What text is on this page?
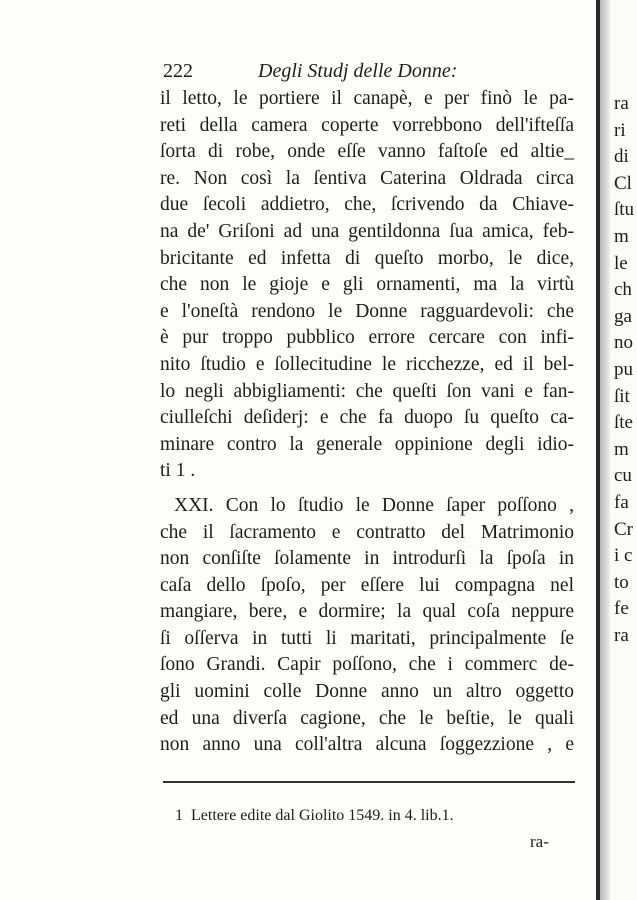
222	Degli Studj delle Donne:
il letto, le portiere il canapè, e per finò le pa-
reti della camera coperte vorrebbono dell'ifteſſa
ſorta di robe, onde eſſe vanno faſtoſe ed altie_
re. Non così la ſentiva Caterina Oldrada circa
due ſecoli addietro, che, ſcrivendo da Chiave-
na de' Griſoni ad una gentildonna ſua amica, feb-
bricitante ed infetta di queſto morbo, le dice,
che non le gioje e gli ornamenti, ma la virtù
e l'oneſtà rendono le Donne ragguardevoli: che
è pur troppo pubblico errore cercare con infi-
nito ſtudio e ſollecitudine le ricchezze, ed il bel-
lo negli abbigliamenti: che queſti ſon vani e fan-
ciulleſchi deſiderj: e che fa duopo ſu queſto ca-
minare contro la generale oppinione degli idio-
ti 1 .
XXI. Con lo ſtudio le Donne ſaper poſſono ,
che il ſacramento e contratto del Matrimonio
non conſiſte ſolamente in introdurſi la ſpoſa in
caſa dello ſpoſo, per eſſere lui compagna nel
mangiare, bere, e dormire; la qual coſa neppure
ſi oſſerva in tutti li maritati, principalmente ſe
ſono Grandi. Capir poſſono, che i commerc de-
gli uomini colle Donne anno un altro oggetto
ed una diverſa cagione, che le beſtie, le quali
non anno una coll'altra alcuna ſoggezzione , e
1 Lettere edite dal Giolito 1549. in 4. lib.1.
ra-
ra
ri
di
Cl
ſtu
m
le
ch
ga
no
pu
ſit
ſte
m
cu
fa
Cr
i c
to
fe
ra
